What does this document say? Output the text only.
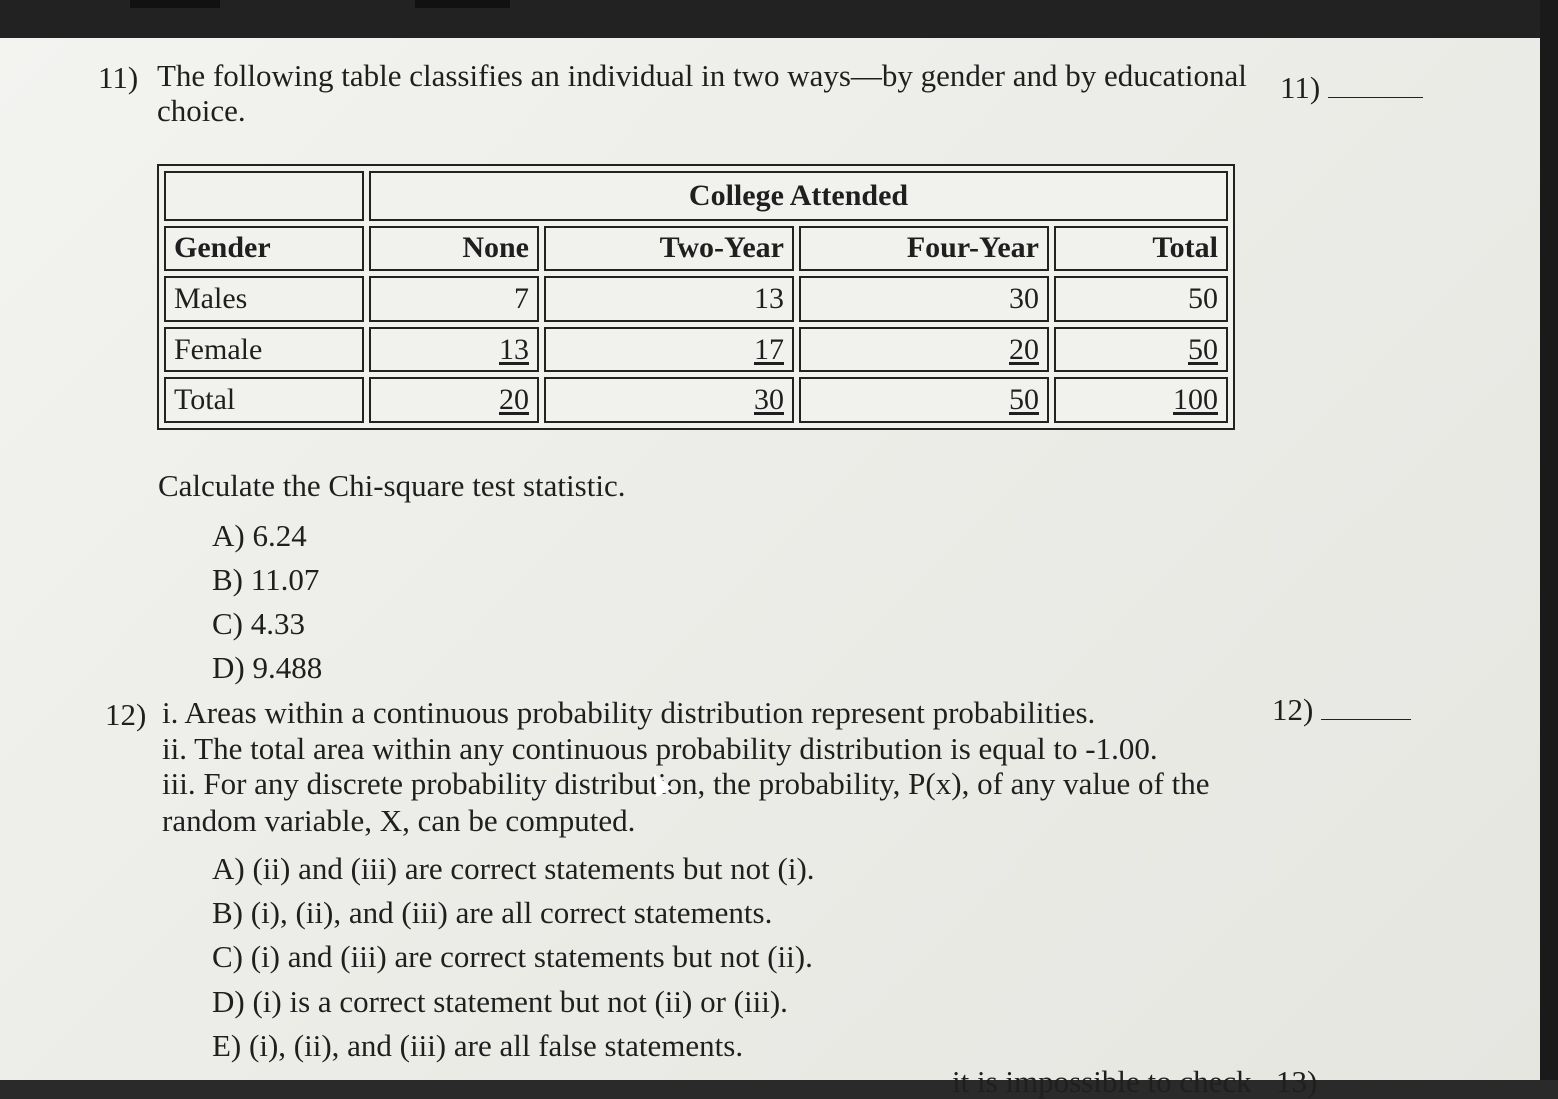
11) The following table classifies an individual in two ways—by gender and by educational
choice.
11)
	College Attended			
Gender	None	Two-Year	Four-Year	Total
Males	7	13	30	50
Female	13	17	20	50
Total	20	30	50	100
Calculate the Chi-square test statistic.
A) 6.24
B) 11.07
C) 4.33
D) 9.488
12) i. Areas within a continuous probability distribution represent probabilities.
ii. The total area within any continuous probability distribution is equal to -1.00.
iii. For any discrete probability distribution, the probability, P(x), of any value of the
random variable, X, can be computed.
12)
A) (ii) and (iii) are correct statements but not (i).
B) (i), (ii), and (iii) are all correct statements.
C) (i) and (iii) are correct statements but not (ii).
D) (i) is a correct statement but not (ii) or (iii).
E) (i), (ii), and (iii) are all false statements.
it is impossible to check 13)
